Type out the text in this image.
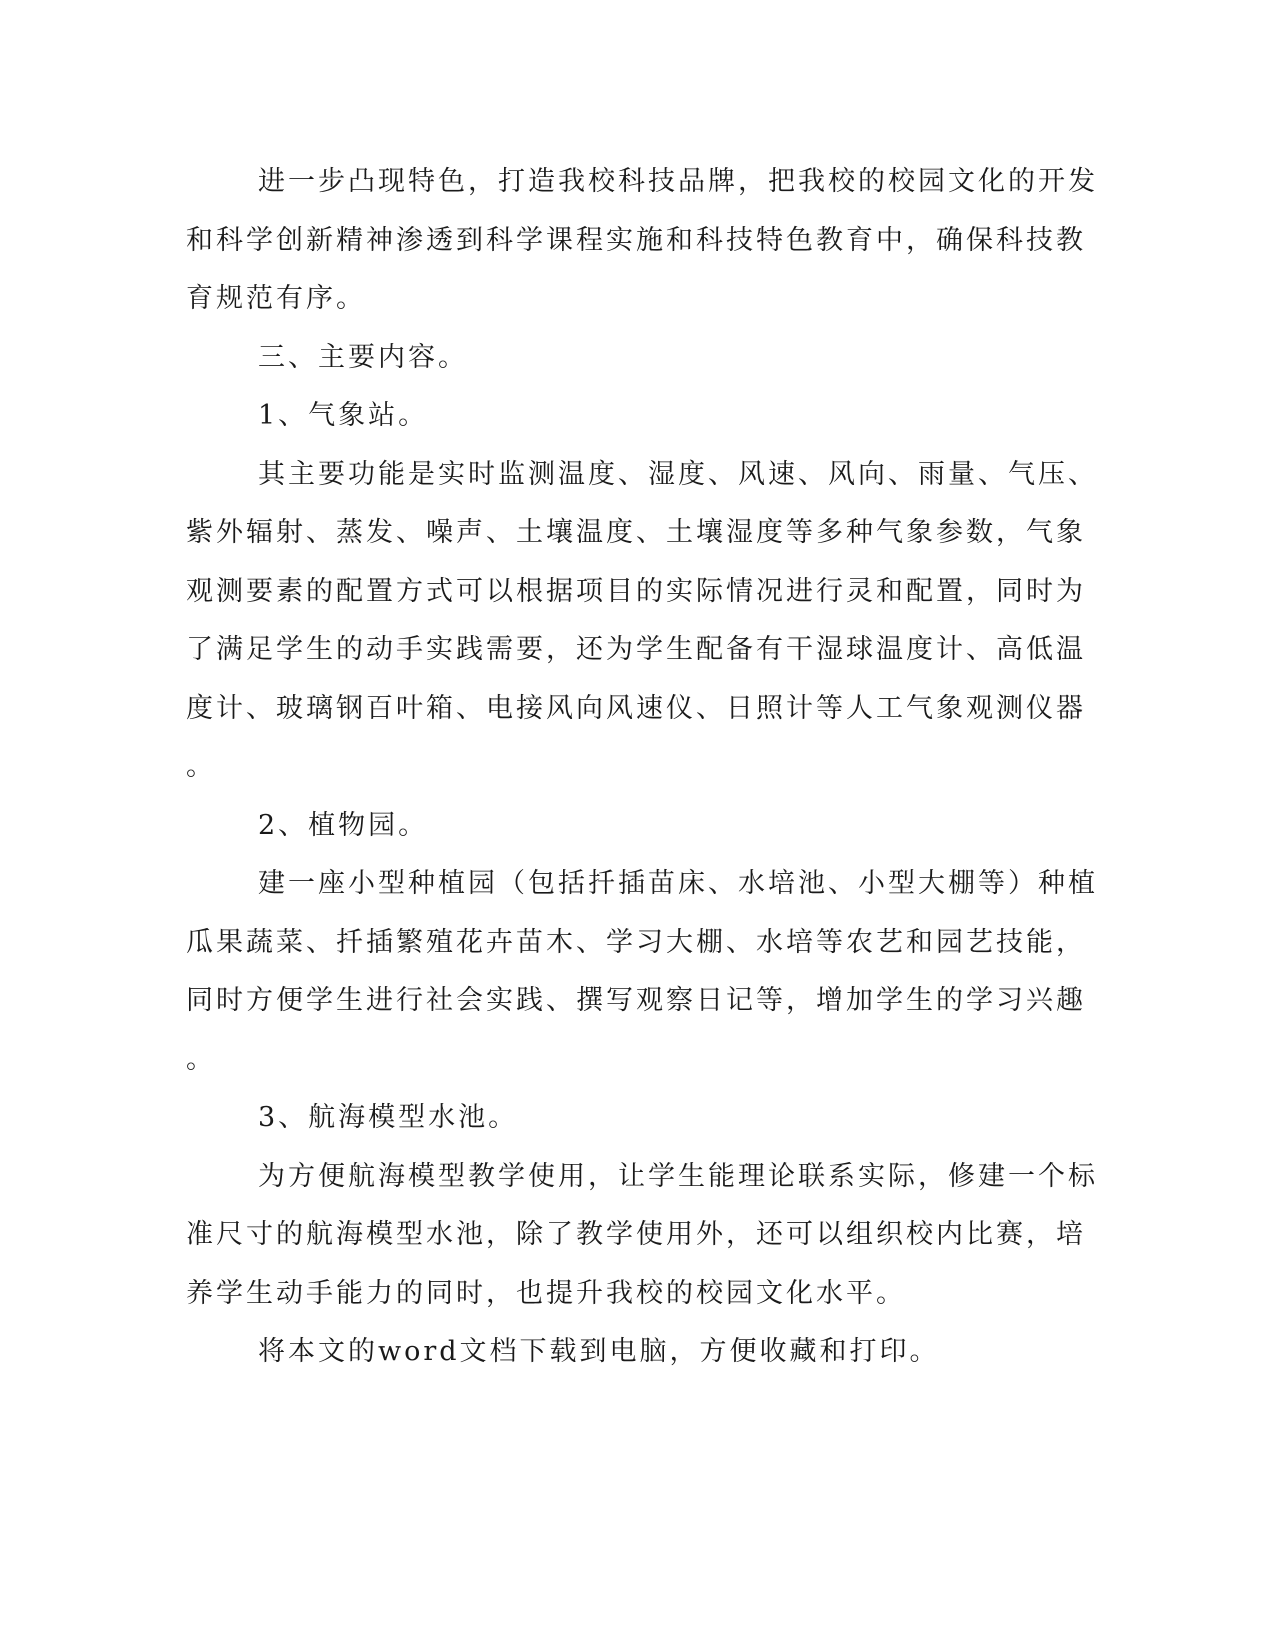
进一步凸现特色，打造我校科技品牌，把我校的校园文化的开发
和科学创新精神渗透到科学课程实施和科技特色教育中，确保科技教
育规范有序。
三、主要内容。
1、气象站。
其主要功能是实时监测温度、湿度、风速、风向、雨量、气压、
紫外辐射、蒸发、噪声、土壤温度、土壤湿度等多种气象参数，气象
观测要素的配置方式可以根据项目的实际情况进行灵和配置，同时为
了满足学生的动手实践需要，还为学生配备有干湿球温度计、高低温
度计、玻璃钢百叶箱、电接风向风速仪、日照计等人工气象观测仪器
。
2、植物园。
建一座小型种植园（包括扦插苗床、水培池、小型大棚等）种植
瓜果蔬菜、扦插繁殖花卉苗木、学习大棚、水培等农艺和园艺技能，
同时方便学生进行社会实践、撰写观察日记等，增加学生的学习兴趣
。
3、航海模型水池。
为方便航海模型教学使用，让学生能理论联系实际，修建一个标
准尺寸的航海模型水池，除了教学使用外，还可以组织校内比赛，培
养学生动手能力的同时，也提升我校的校园文化水平。
将本文的word文档下载到电脑，方便收藏和打印。
